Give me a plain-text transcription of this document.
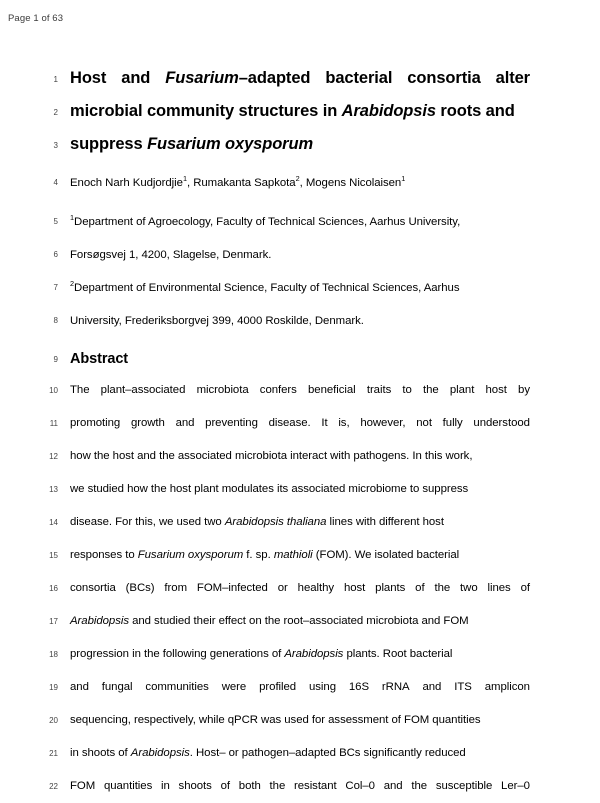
Page 1 of 63
1 Host and Fusarium–adapted bacterial consortia alter
2 microbial community structures in Arabidopsis roots and
3 suppress Fusarium oxysporum
4 Enoch Narh Kudjordjie$^1$, Rumakanta Sapkota$^2$, Mogens Nicolaisen$^1$
5 $^1$Department of Agroecology, Faculty of Technical Sciences, Aarhus University,
6 Forsøgsvej 1, 4200, Slagelse, Denmark.
7 $^2$Department of Environmental Science, Faculty of Technical Sciences, Aarhus
8 University, Frederiksborgvej 399, 4000 Roskilde, Denmark.
9 Abstract
10 The plant–associated microbiota confers beneficial traits to the plant host by
11 promoting growth and preventing disease. It is, however, not fully understood
12 how the host and the associated microbiota interact with pathogens. In this work,
13 we studied how the host plant modulates its associated microbiome to suppress
14 disease. For this, we used two Arabidopsis thaliana lines with different host
15 responses to Fusarium oxysporum f. sp. mathioli (FOM). We isolated bacterial
16 consortia (BCs) from FOM–infected or healthy host plants of the two lines of
17 Arabidopsis and studied their effect on the root–associated microbiota and FOM
18 progression in the following generations of Arabidopsis plants. Root bacterial
19 and fungal communities were profiled using 16S rRNA and ITS amplicon
20 sequencing, respectively, while qPCR was used for assessment of FOM quantities
21 in shoots of Arabidopsis. Host– or pathogen–adapted BCs significantly reduced
22 FOM quantities in shoots of both the resistant Col–0 and the susceptible Ler–0
